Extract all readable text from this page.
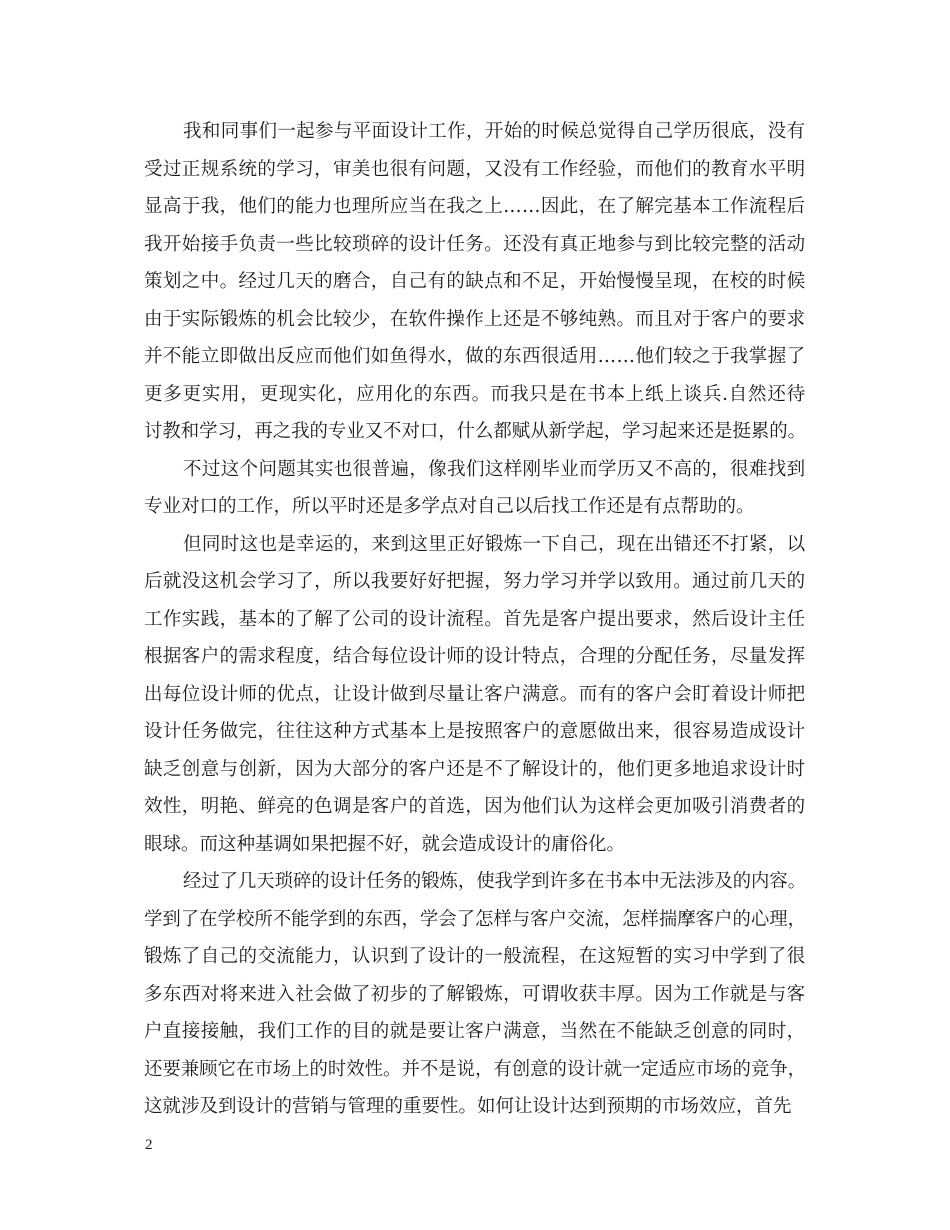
我和同事们一起参与平面设计工作，开始的时候总觉得自己学历很底，没有
受过正规系统的学习，审美也很有问题，又没有工作经验，而他们的教育水平明
显高于我，他们的能力也理所应当在我之上……因此，在了解完基本工作流程后
我开始接手负责一些比较琐碎的设计任务。还没有真正地参与到比较完整的活动
策划之中。经过几天的磨合，自己有的缺点和不足，开始慢慢呈现，在校的时候
由于实际锻炼的机会比较少，在软件操作上还是不够纯熟。而且对于客户的要求
并不能立即做出反应而他们如鱼得水，做的东西很适用……他们较之于我掌握了
更多更实用，更现实化，应用化的东西。而我只是在书本上纸上谈兵.自然还待
讨教和学习，再之我的专业又不对口，什么都赋从新学起，学习起来还是挺累的。
不过这个问题其实也很普遍，像我们这样刚毕业而学历又不高的，很难找到
专业对口的工作，所以平时还是多学点对自己以后找工作还是有点帮助的。
但同时这也是幸运的，来到这里正好锻炼一下自己，现在出错还不打紧，以
后就没这机会学习了，所以我要好好把握，努力学习并学以致用。通过前几天的
工作实践，基本的了解了公司的设计流程。首先是客户提出要求，然后设计主任
根据客户的需求程度，结合每位设计师的设计特点，合理的分配任务，尽量发挥
出每位设计师的优点，让设计做到尽量让客户满意。而有的客户会盯着设计师把
设计任务做完，往往这种方式基本上是按照客户的意愿做出来，很容易造成设计
缺乏创意与创新，因为大部分的客户还是不了解设计的，他们更多地追求设计时
效性，明艳、鲜亮的色调是客户的首选，因为他们认为这样会更加吸引消费者的
眼球。而这种基调如果把握不好，就会造成设计的庸俗化。
经过了几天琐碎的设计任务的锻炼，使我学到许多在书本中无法涉及的内容。
学到了在学校所不能学到的东西，学会了怎样与客户交流，怎样揣摩客户的心理，
锻炼了自己的交流能力，认识到了设计的一般流程，在这短暂的实习中学到了很
多东西对将来进入社会做了初步的了解锻炼，可谓收获丰厚。因为工作就是与客
户直接接触，我们工作的目的就是要让客户满意，当然在不能缺乏创意的同时，
还要兼顾它在市场上的时效性。并不是说，有创意的设计就一定适应市场的竞争，
这就涉及到设计的营销与管理的重要性。如何让设计达到预期的市场效应，首先
2
